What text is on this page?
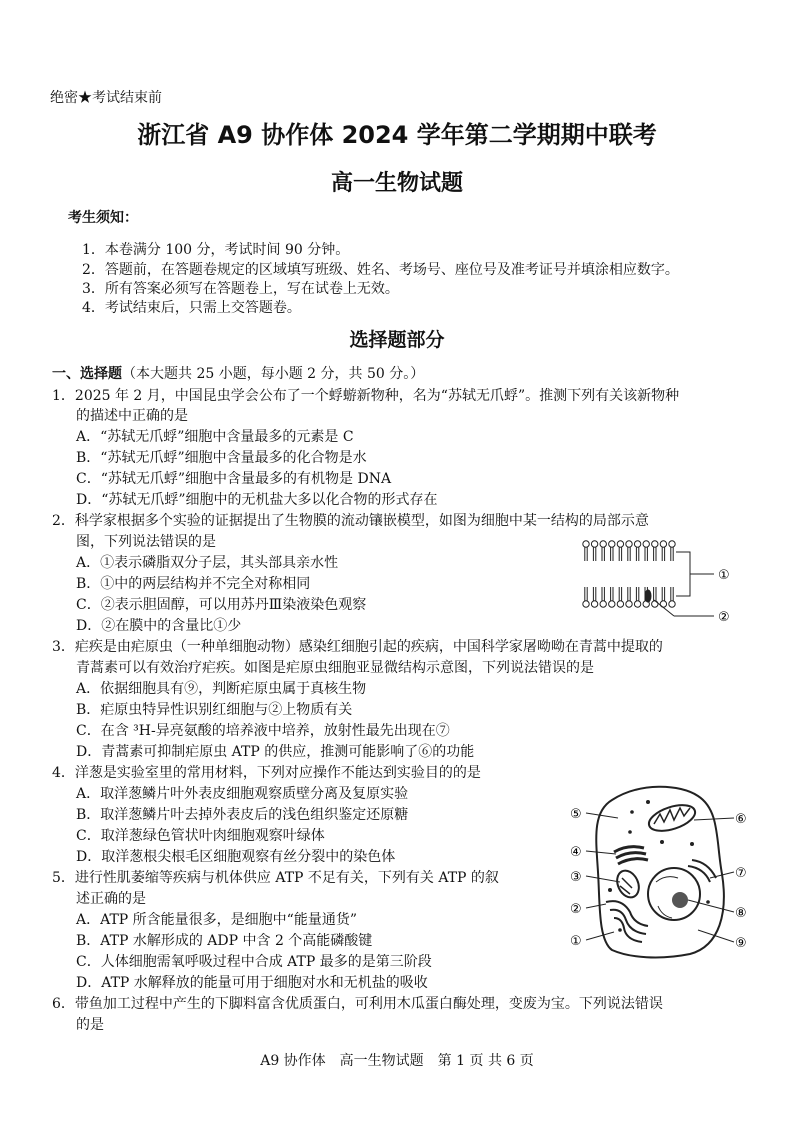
绝密★考试结束前
浙江省 A9 协作体 2024 学年第二学期期中联考
高一生物试题
考生须知：
1．本卷满分 100 分，考试时间 90 分钟。
2．答题前，在答题卷规定的区域填写班级、姓名、考场号、座位号及准考证号并填涂相应数字。
3．所有答案必须写在答题卷上，写在试卷上无效。
4．考试结束后，只需上交答题卷。
选择题部分
一、选择题（本大题共 25 小题，每小题 2 分，共 50 分。）
1．2025 年 2 月，中国昆虫学会公布了一个蜉蝣新物种，名为“苏轼无爪蜉”。推测下列有关该新物种
的描述中正确的是
A．“苏轼无爪蜉”细胞中含量最多的元素是 C
B．“苏轼无爪蜉”细胞中含量最多的化合物是水
C．“苏轼无爪蜉”细胞中含量最多的有机物是 DNA
D．“苏轼无爪蜉”细胞中的无机盐大多以化合物的形式存在
2．科学家根据多个实验的证据提出了生物膜的流动镶嵌模型，如图为细胞中某一结构的局部示意
图，下列说法错误的是
A．①表示磷脂双分子层，其头部具亲水性
B．①中的两层结构并不完全对称相同
C．②表示胆固醇，可以用苏丹Ⅲ染液染色观察
D．②在膜中的含量比①少
3．疟疾是由疟原虫（一种单细胞动物）感染红细胞引起的疾病，中国科学家屠呦呦在青蒿中提取的
青蒿素可以有效治疗疟疾。如图是疟原虫细胞亚显微结构示意图，下列说法错误的是
A．依据细胞具有⑨，判断疟原虫属于真核生物
B．疟原虫特异性识别红细胞与②上物质有关
C．在含 ³H-异亮氨酸的培养液中培养，放射性最先出现在⑦
D．青蒿素可抑制疟原虫 ATP 的供应，推测可能影响了⑥的功能
4．洋葱是实验室里的常用材料，下列对应操作不能达到实验目的的是
A．取洋葱鳞片叶外表皮细胞观察质壁分离及复原实验
B．取洋葱鳞片叶去掉外表皮后的浅色组织鉴定还原糖
C．取洋葱绿色管状叶肉细胞观察叶绿体
D．取洋葱根尖根毛区细胞观察有丝分裂中的染色体
5．进行性肌萎缩等疾病与机体供应 ATP 不足有关，下列有关 ATP 的叙
述正确的是
A．ATP 所含能量很多，是细胞中“能量通货”
B．ATP 水解形成的 ADP 中含 2 个高能磷酸键
C．人体细胞需氧呼吸过程中合成 ATP 最多的是第三阶段
D．ATP 水解释放的能量可用于细胞对水和无机盐的吸收
6．带鱼加工过程中产生的下脚料富含优质蛋白，可利用木瓜蛋白酶处理，变废为宝。下列说法错误
的是
①
②
⑤
④
③
②
①
⑥
⑦
⑧
⑨
A9 协作体　高一生物试题　第 1 页 共 6 页
